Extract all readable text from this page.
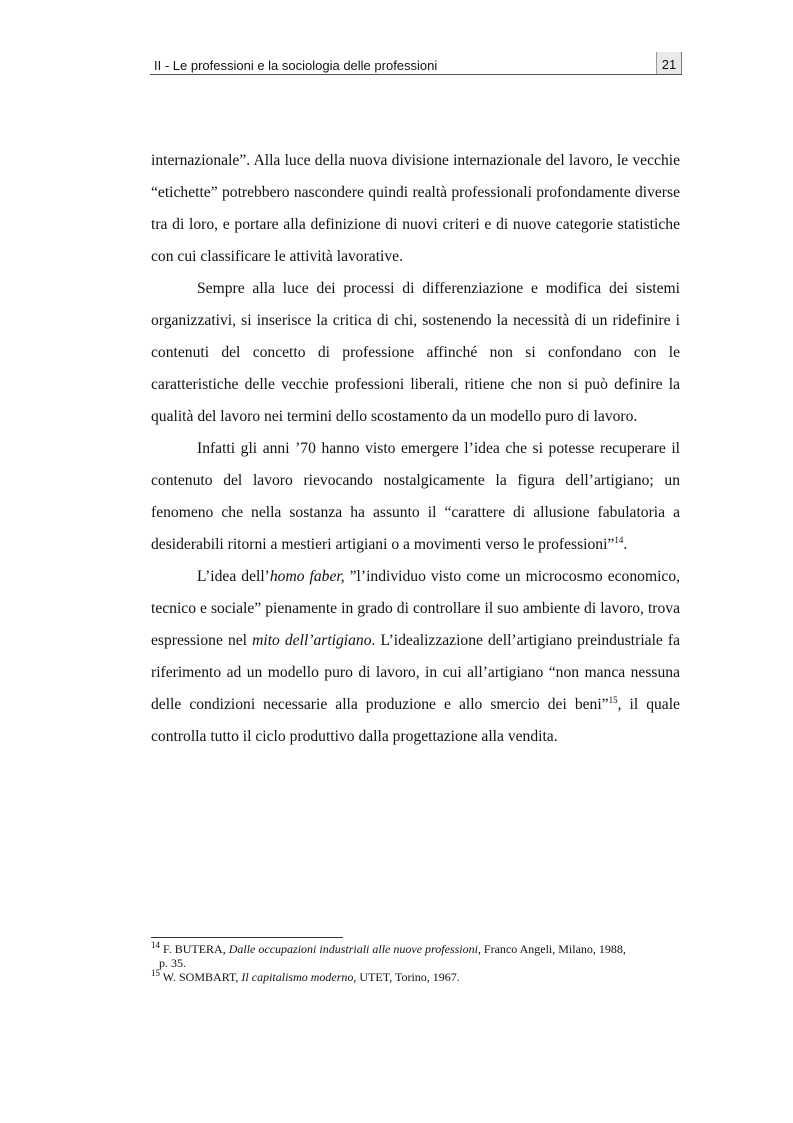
II - Le professioni e la sociologia delle professioni	21

internazionale”. Alla luce della nuova divisione internazionale del lavoro, le vecchie “etichette” potrebbero nascondere quindi realtà professionali profondamente diverse tra di loro, e portare alla definizione di nuovi criteri e di nuove categorie statistiche con cui classificare le attività lavorative.

Sempre alla luce dei processi di differenziazione e modifica dei sistemi organizzativi, si inserisce la critica di chi, sostenendo la necessità di un ridefinire i contenuti del concetto di professione affinché non si confondano con le caratteristiche delle vecchie professioni liberali, ritiene che non si può definire la qualità del lavoro nei termini dello scostamento da un modello puro di lavoro.

Infatti gli anni ’70 hanno visto emergere l’idea che si potesse recuperare il contenuto del lavoro rievocando nostalgicamente la figura dell’artigiano; un fenomeno che nella sostanza ha assunto il “carattere di allusione fabulatoria a desiderabili ritorni a mestieri artigiani o a movimenti verso le professioni”$^{14}$.

L’idea dell’homo faber, ”l’individuo visto come un microcosmo economico, tecnico e sociale” pienamente in grado di controllare il suo ambiente di lavoro, trova espressione nel mito dell’artigiano. L’idealizzazione dell’artigiano preindustriale fa riferimento ad un modello puro di lavoro, in cui all’artigiano “non manca nessuna delle condizioni necessarie alla produzione e allo smercio dei beni”$^{15}$, il quale controlla tutto il ciclo produttivo dalla progettazione alla vendita.

$^{14}$ F. BUTERA, Dalle occupazioni industriali alle nuove professioni, Franco Angeli, Milano, 1988,
p. 35.

$^{15}$ W. SOMBART, Il capitalismo moderno, UTET, Torino, 1967.
